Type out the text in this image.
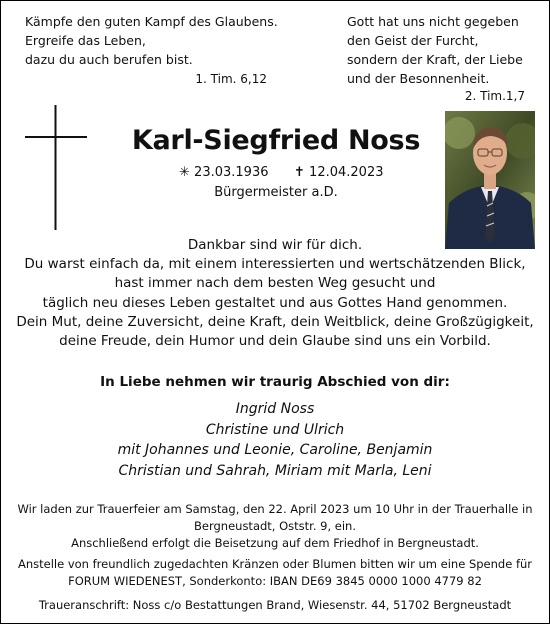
Kämpfe den guten Kampf des Glaubens.
Ergreife das Leben,
dazu du auch berufen bist.
1. Tim. 6,12
Gott hat uns nicht gegeben
den Geist der Furcht,
sondern der Kraft, der Liebe
und der Besonnenheit.
2. Tim.1,7
Karl-Siegfried Noss
✳ 23.03.1936 ✝ 12.04.2023
Bürgermeister a.D.
Dankbar sind wir für dich.
Du warst einfach da, mit einem interessierten und wertschätzenden Blick,
hast immer nach dem besten Weg gesucht und
täglich neu dieses Leben gestaltet und aus Gottes Hand genommen.
Dein Mut, deine Zuversicht, deine Kraft, dein Weitblick, deine Großzügigkeit,
deine Freude, dein Humor und dein Glaube sind uns ein Vorbild.
In Liebe nehmen wir traurig Abschied von dir:
Ingrid Noss
Christine und Ulrich
mit Johannes und Leonie, Caroline, Benjamin
Christian und Sahrah, Miriam mit Marla, Leni
Wir laden zur Trauerfeier am Samstag, den 22. April 2023 um 10 Uhr in der Trauerhalle in
Bergneustadt, Oststr. 9, ein.
Anschließend erfolgt die Beisetzung auf dem Friedhof in Bergneustadt.
Anstelle von freundlich zugedachten Kränzen oder Blumen bitten wir um eine Spende für
FORUM WIEDENEST, Sonderkonto: IBAN DE69 3845 0000 1000 4779 82
Traueranschrift: Noss c/o Bestattungen Brand, Wiesenstr. 44, 51702 Bergneustadt
